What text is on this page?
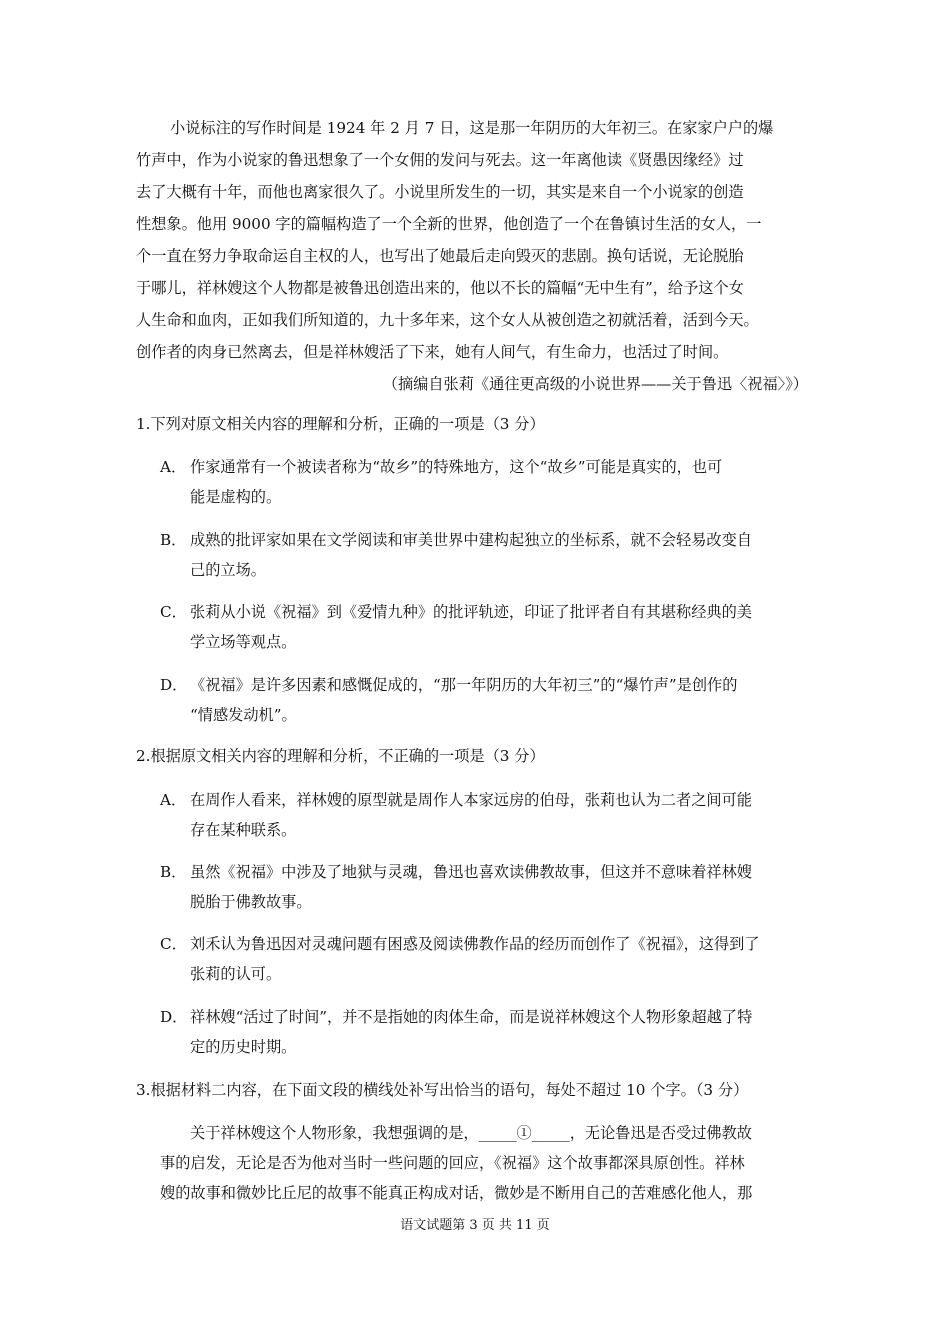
小说标注的写作时间是 1924 年 2 月 7 日，这是那一年阴历的大年初三。在家家户户的爆
竹声中，作为小说家的鲁迅想象了一个女佣的发问与死去。这一年离他读《贤愚因缘经》过
去了大概有十年，而他也离家很久了。小说里所发生的一切，其实是来自一个小说家的创造
性想象。他用 9000 字的篇幅构造了一个全新的世界，他创造了一个在鲁镇讨生活的女人，一
个一直在努力争取命运自主权的人，也写出了她最后走向毁灭的悲剧。换句话说，无论脱胎
于哪儿，祥林嫂这个人物都是被鲁迅创造出来的，他以不长的篇幅“无中生有”，给予这个女
人生命和血肉，正如我们所知道的，九十多年来，这个女人从被创造之初就活着，活到今天。
创作者的肉身已然离去，但是祥林嫂活了下来，她有人间气，有生命力，也活过了时间。
（摘编自张莉《通往更高级的小说世界——关于鲁迅〈祝福〉》）
1.下列对原文相关内容的理解和分析，正确的一项是（3 分）
A． 作家通常有一个被读者称为“故乡”的特殊地方，这个“故乡”可能是真实的，也可
能是虚构的。
B． 成熟的批评家如果在文学阅读和审美世界中建构起独立的坐标系，就不会轻易改变自
己的立场。
C． 张莉从小说《祝福》到《爱情九种》的批评轨迹，印证了批评者自有其堪称经典的美
学立场等观点。
D． 《祝福》是许多因素和感慨促成的，“那一年阴历的大年初三”的“爆竹声”是创作的
“情感发动机”。
2.根据原文相关内容的理解和分析，不正确的一项是（3 分）
A． 在周作人看来，祥林嫂的原型就是周作人本家远房的伯母，张莉也认为二者之间可能
存在某种联系。
B． 虽然《祝福》中涉及了地狱与灵魂，鲁迅也喜欢读佛教故事，但这并不意味着祥林嫂
脱胎于佛教故事。
C． 刘禾认为鲁迅因对灵魂问题有困惑及阅读佛教作品的经历而创作了《祝福》，这得到了
张莉的认可。
D． 祥林嫂“活过了时间”，并不是指她的肉体生命，而是说祥林嫂这个人物形象超越了特
定的历史时期。
3.根据材料二内容，在下面文段的横线处补写出恰当的语句，每处不超过 10 个字。（3 分）
关于祥林嫂这个人物形象，我想强调的是，_____①_____，无论鲁迅是否受过佛教故
事的启发，无论是否为他对当时一些问题的回应，《祝福》这个故事都深具原创性。祥林
嫂的故事和微妙比丘尼的故事不能真正构成对话，微妙是不断用自己的苦难感化他人，那
语文试题第 3 页 共 11 页
